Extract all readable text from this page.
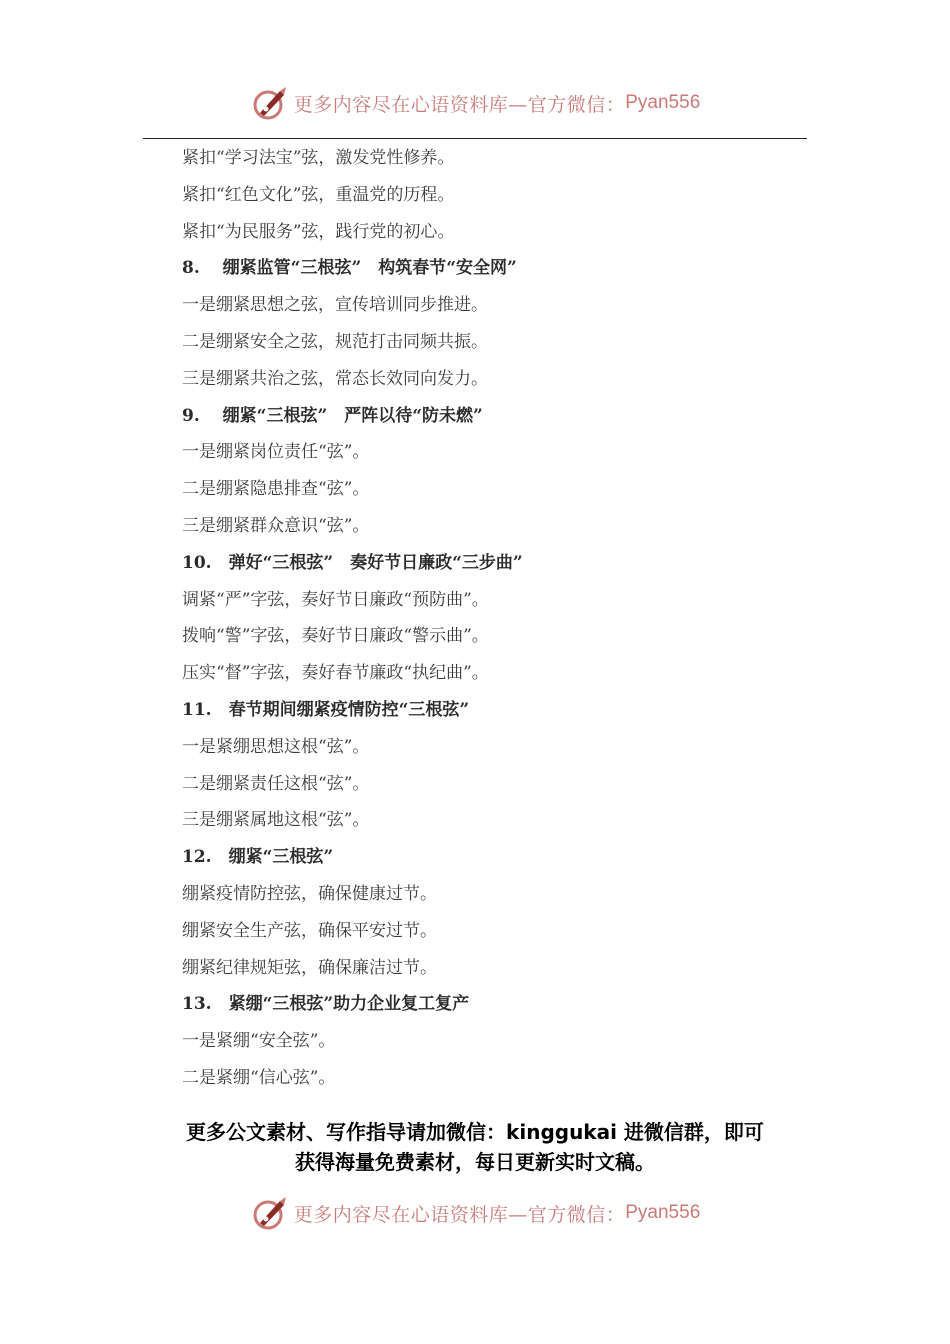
更多内容尽在心语资料库—官方微信： Pyan556
紧扣“学习法宝”弦，激发党性修养。
紧扣“红色文化”弦，重温党的历程。
紧扣“为民服务”弦，践行党的初心。
8.　 绷紧监管“三根弦”　构筑春节“安全网”
一是绷紧思想之弦，宣传培训同步推进。
二是绷紧安全之弦，规范打击同频共振。
三是绷紧共治之弦，常态长效同向发力。
9.　 绷紧“三根弦”　严阵以待“防未燃”
一是绷紧岗位责任“弦”。
二是绷紧隐患排查“弦”。
三是绷紧群众意识“弦”。
10.　弹好“三根弦”　奏好节日廉政“三步曲”
调紧“严”字弦，奏好节日廉政“预防曲”。
拨响“警”字弦，奏好节日廉政“警示曲”。
压实“督”字弦，奏好春节廉政“执纪曲”。
11.　春节期间绷紧疫情防控“三根弦”
一是紧绷思想这根“弦”。
二是绷紧责任这根“弦”。
三是绷紧属地这根“弦”。
12.　绷紧“三根弦”
绷紧疫情防控弦，确保健康过节。
绷紧安全生产弦，确保平安过节。
绷紧纪律规矩弦，确保廉洁过节。
13.　紧绷“三根弦”助力企业复工复产
一是紧绷“安全弦”。
二是紧绷“信心弦”。
更多公文素材、写作指导请加微信：kinggukai 进微信群，即可
获得海量免费素材，每日更新实时文稿。
更多内容尽在心语资料库—官方微信： Pyan556
